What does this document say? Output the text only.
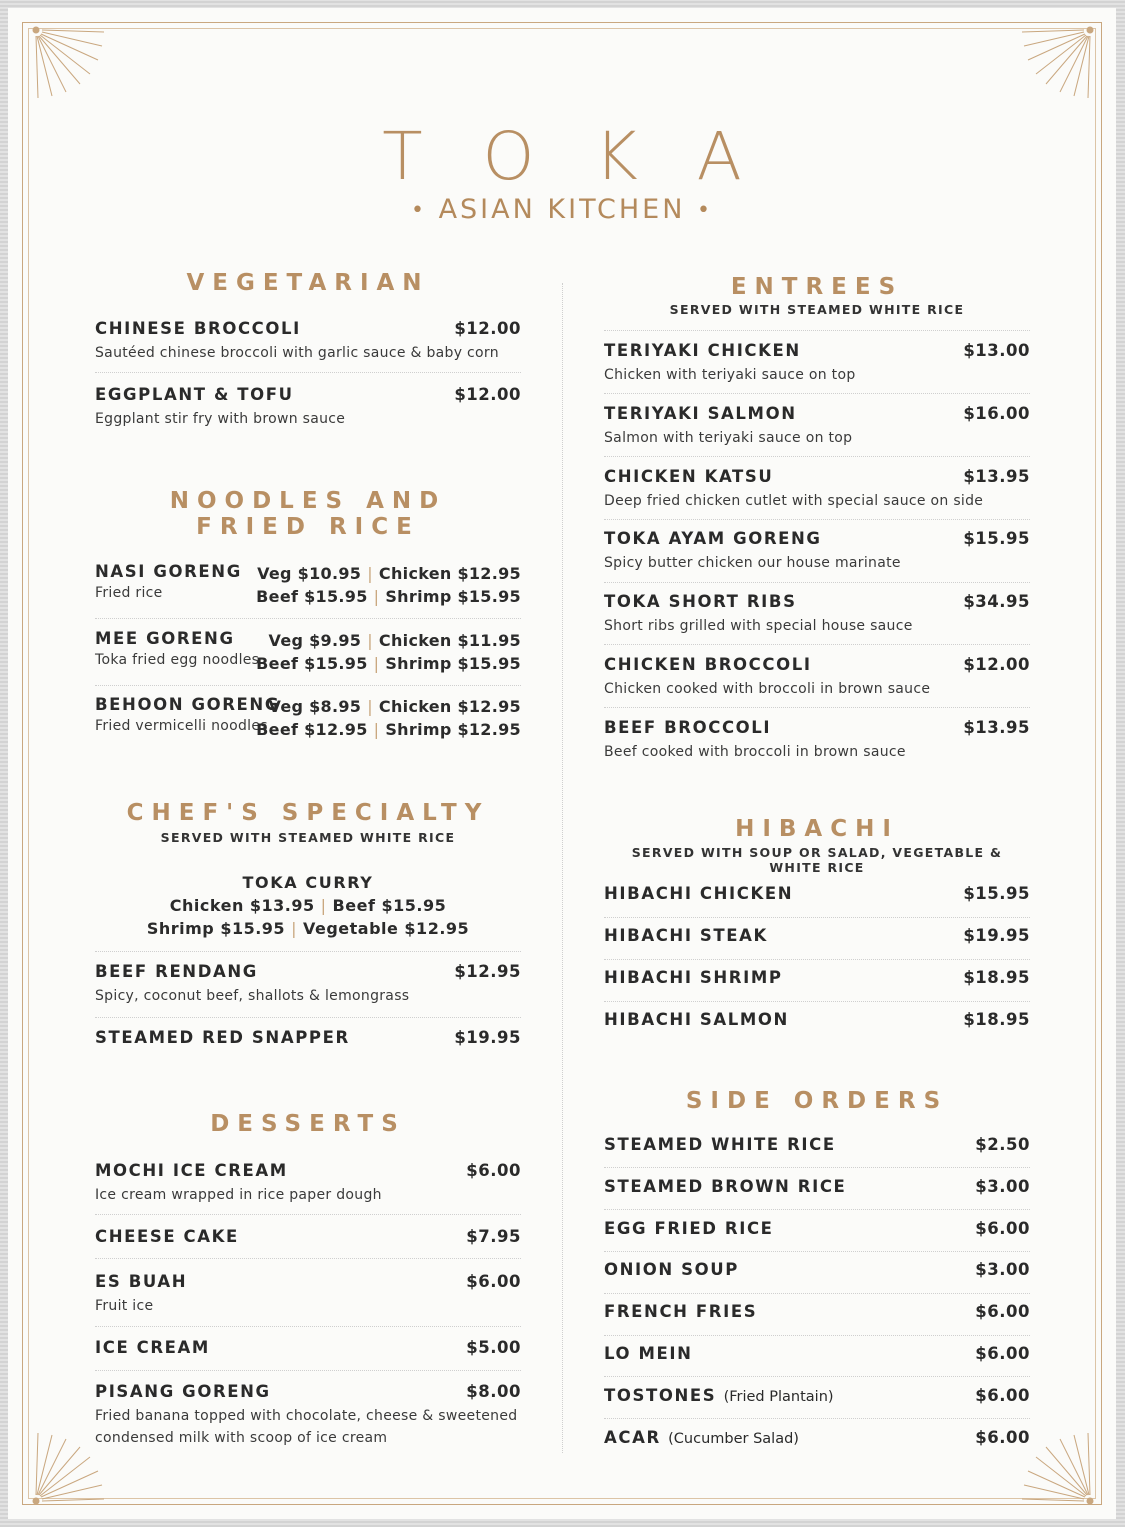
TOKA
• ASIAN KITCHEN •
VEGETARIAN
CHINESE BROCCOLI	$12.00
Sautéed chinese broccoli with garlic sauce & baby corn
EGGPLANT & TOFU	$12.00
Eggplant stir fry with brown sauce
NOODLES AND
FRIED RICE
NASI GORENG
Fried rice
Veg $10.95 | Chicken $12.95
Beef $15.95 | Shrimp $15.95
MEE GORENG
Toka fried egg noodles
Veg $9.95 | Chicken $11.95
Beef $15.95 | Shrimp $15.95
BEHOON GORENG
Fried vermicelli noodles
Veg $8.95 | Chicken $12.95
Beef $12.95 | Shrimp $12.95
CHEF'S SPECIALTY
SERVED WITH STEAMED WHITE RICE
TOKA CURRY
Chicken $13.95 | Beef $15.95
Shrimp $15.95 | Vegetable $12.95
BEEF RENDANG	$12.95
Spicy, coconut beef, shallots & lemongrass
STEAMED RED SNAPPER	$19.95
DESSERTS
MOCHI ICE CREAM	$6.00
Ice cream wrapped in rice paper dough
CHEESE CAKE	$7.95
ES BUAH	$6.00
Fruit ice
ICE CREAM	$5.00
PISANG GORENG	$8.00
Fried banana topped with chocolate, cheese & sweetened
condensed milk with scoop of ice cream
ENTREES
SERVED WITH STEAMED WHITE RICE
TERIYAKI CHICKEN	$13.00
Chicken with teriyaki sauce on top
TERIYAKI SALMON	$16.00
Salmon with teriyaki sauce on top
CHICKEN KATSU	$13.95
Deep fried chicken cutlet with special sauce on side
TOKA AYAM GORENG	$15.95
Spicy butter chicken our house marinate
TOKA SHORT RIBS	$34.95
Short ribs grilled with special house sauce
CHICKEN BROCCOLI	$12.00
Chicken cooked with broccoli in brown sauce
BEEF BROCCOLI	$13.95
Beef cooked with broccoli in brown sauce
HIBACHI
SERVED WITH SOUP OR SALAD, VEGETABLE & WHITE RICE
HIBACHI CHICKEN	$15.95
HIBACHI STEAK	$19.95
HIBACHI SHRIMP	$18.95
HIBACHI SALMON	$18.95
SIDE ORDERS
STEAMED WHITE RICE	$2.50
STEAMED BROWN RICE	$3.00
EGG FRIED RICE	$6.00
ONION SOUP	$3.00
FRENCH FRIES	$6.00
LO MEIN	$6.00
TOSTONES (Fried Plantain)	$6.00
ACAR (Cucumber Salad)	$6.00
